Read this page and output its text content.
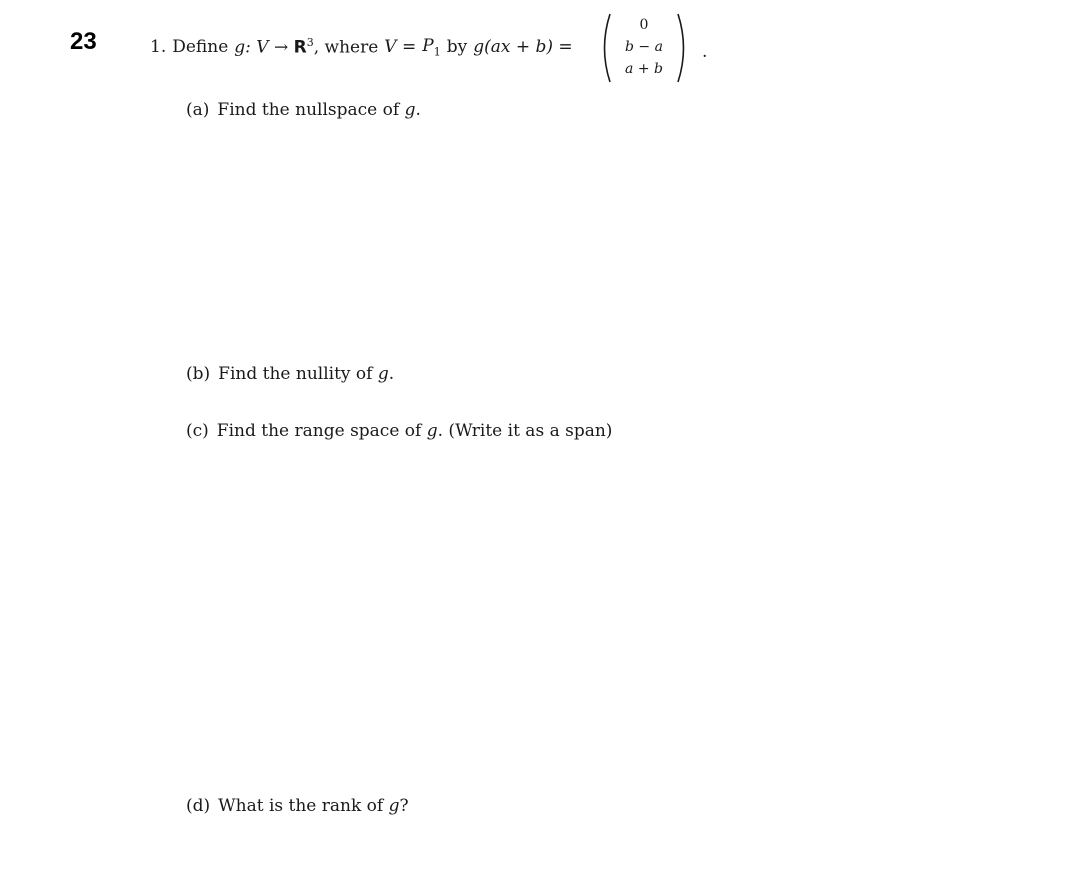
23	1. Define g: $V \to R^3$, where $V = P_1$ by g(ax + b) =
0
b − a
a + b
.
(a) Find the nullspace of g.
(b) Find the nullity of g.
(c) Find the range space of g. (Write it as a span)
(d) What is the rank of g?
